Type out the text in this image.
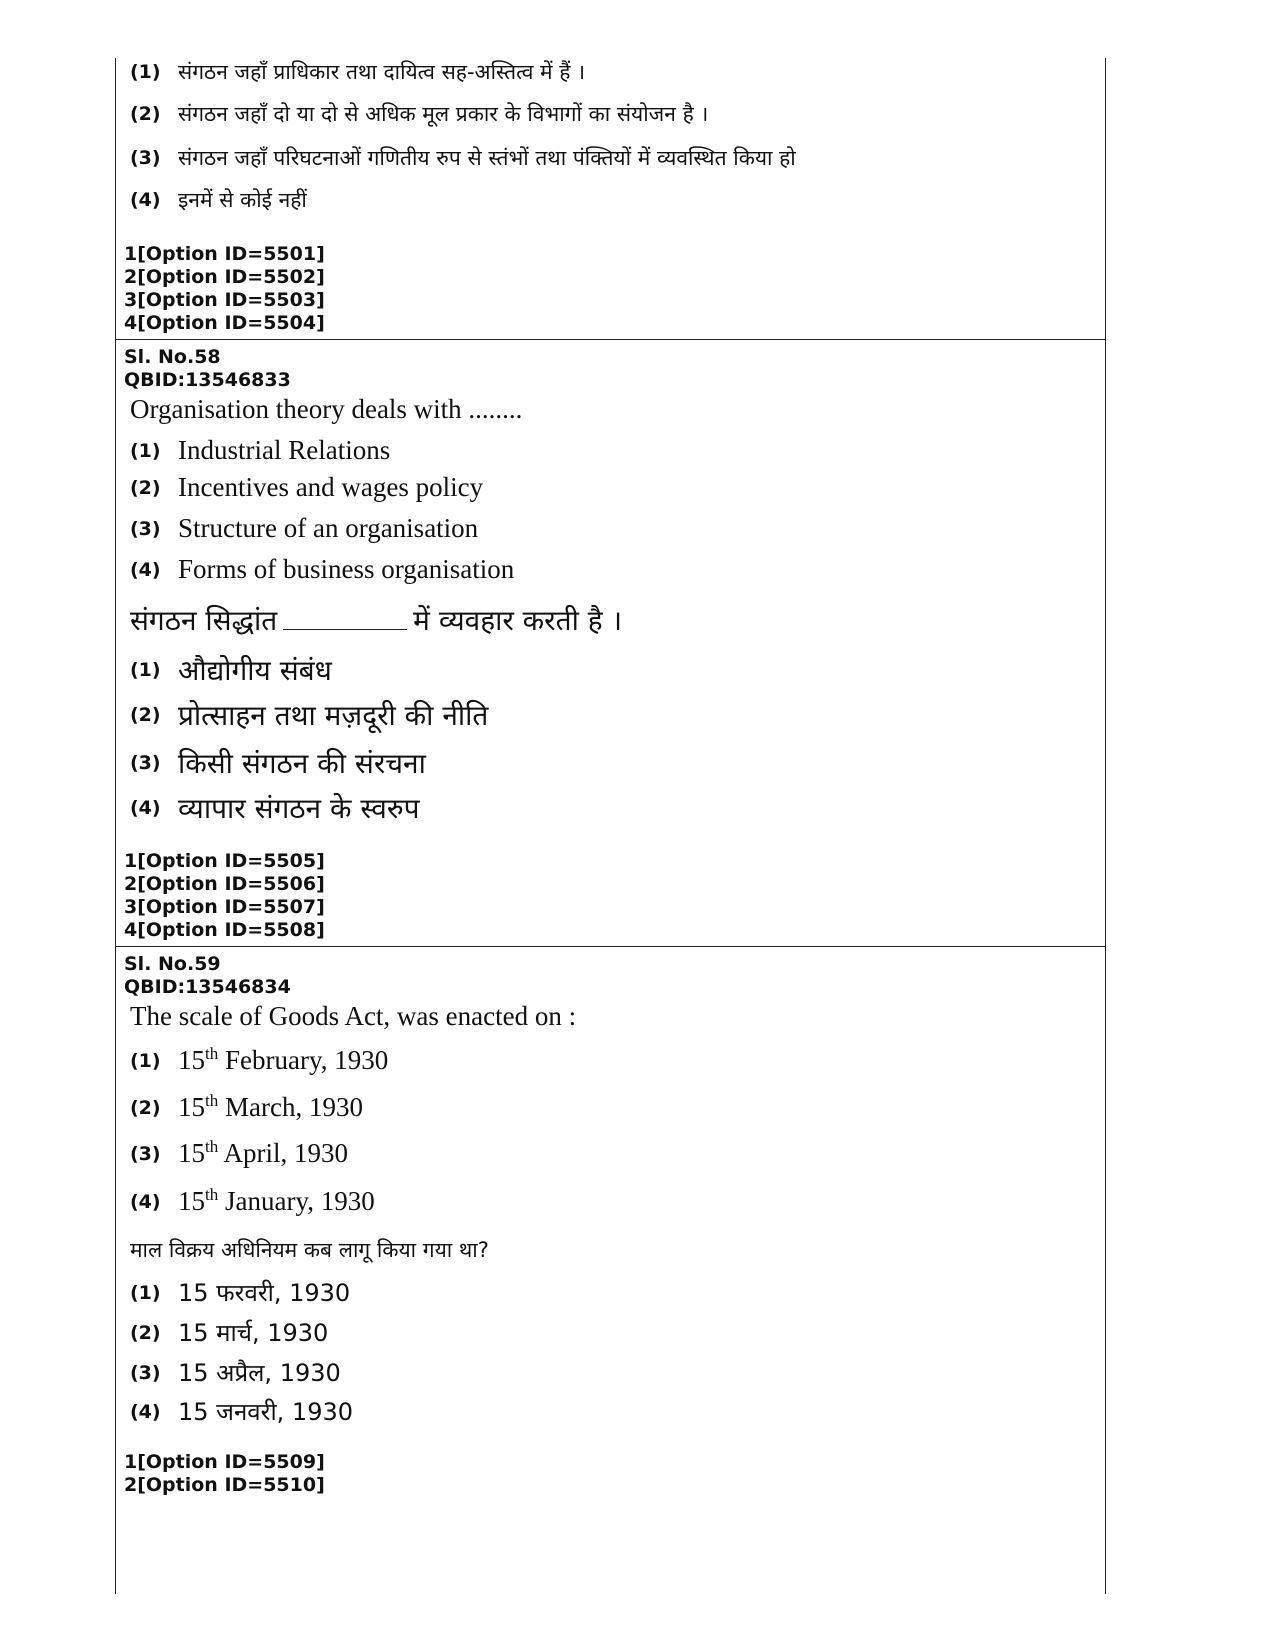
(1) संगठन जहाँ प्राधिकार तथा दायित्व सह-अस्तित्व में हैं ।
(2) संगठन जहाँ दो या दो से अधिक मूल प्रकार के विभागों का संयोजन है ।
(3) संगठन जहाँ परिघटनाओं गणितीय रुप से स्तंभों तथा पंक्तियों में व्यवस्थित किया हो
(4) इनमें से कोई नहीं
1[Option ID=5501]
2[Option ID=5502]
3[Option ID=5503]
4[Option ID=5504]
Sl. No.58
QBID:13546833
Organisation theory deals with ........
(1) Industrial Relations
(2) Incentives and wages policy
(3) Structure of an organisation
(4) Forms of business organisation
संगठन सिद्धांत	में व्यवहार करती है ।
(1) औद्योगीय संबंध
(2) प्रोत्साहन तथा मज़दूरी की नीति
(3) किसी संगठन की संरचना
(4) व्यापार संगठन के स्वरुप
1[Option ID=5505]
2[Option ID=5506]
3[Option ID=5507]
4[Option ID=5508]
Sl. No.59
QBID:13546834
The scale of Goods Act, was enacted on :
(1) 15th February, 1930
(2) 15th March, 1930
(3) 15th April, 1930
(4) 15th January, 1930
माल विक्रय अधिनियम कब लागू किया गया था?
(1) 15 फरवरी, 1930
(2) 15 मार्च, 1930
(3) 15 अप्रैल, 1930
(4) 15 जनवरी, 1930
1[Option ID=5509]
2[Option ID=5510]
